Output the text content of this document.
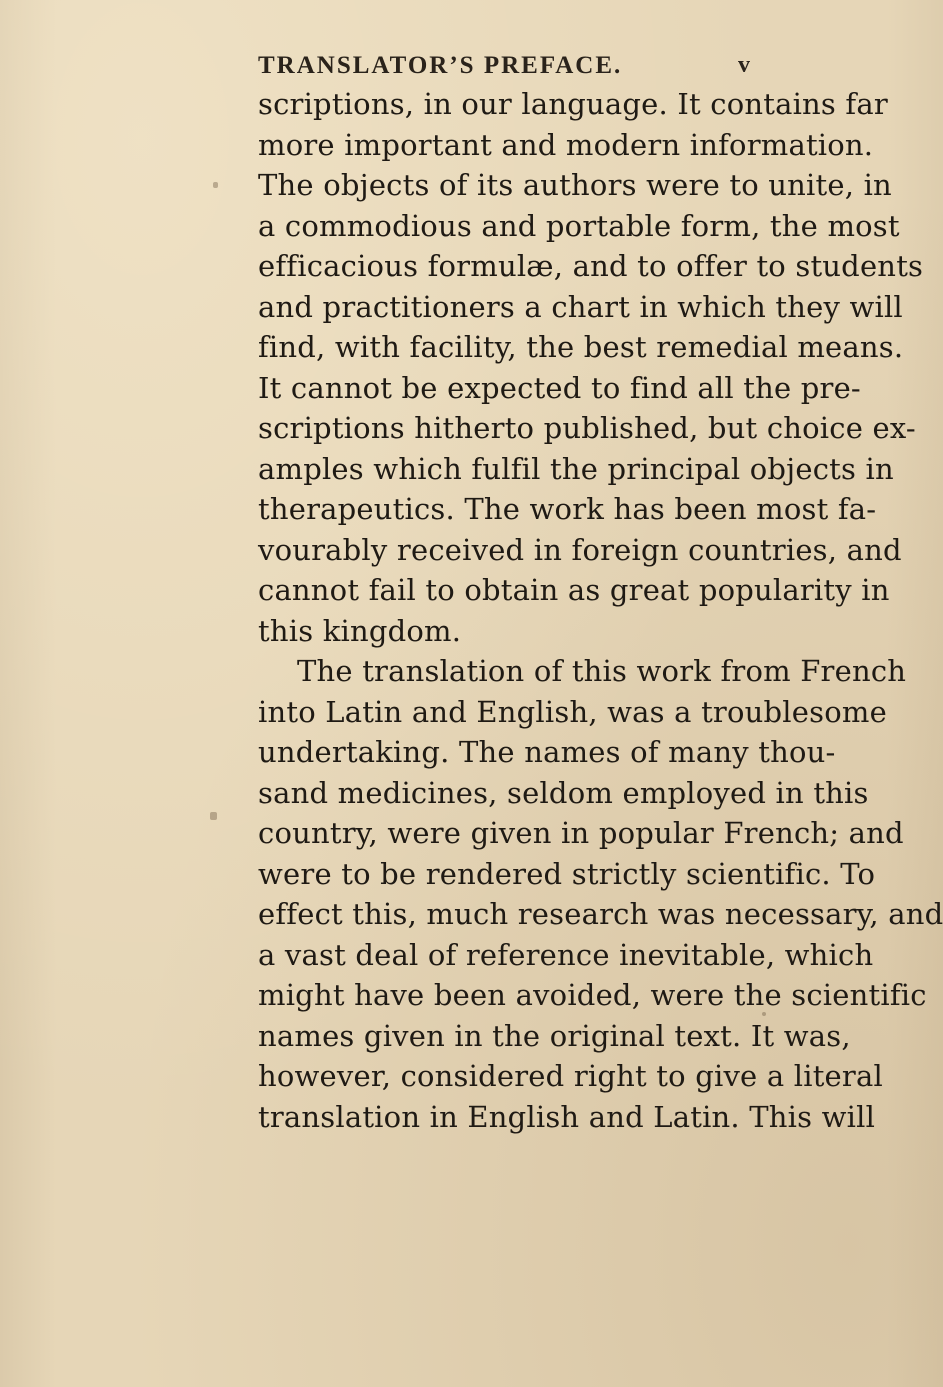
TRANSLATOR’S PREFACE.	v
scriptions, in our language. It contains far
more important and modern information.
The objects of its authors were to unite, in
a commodious and portable form, the most
efficacious formulæ, and to offer to students
and practitioners a chart in which they will
find, with facility, the best remedial means.
It cannot be expected to find all the pre-
scriptions hitherto published, but choice ex-
amples which fulfil the principal objects in
therapeutics. The work has been most fa-
vourably received in foreign countries, and
cannot fail to obtain as great popularity in
this kingdom.
The translation of this work from French
into Latin and English, was a troublesome
undertaking. The names of many thou-
sand medicines, seldom employed in this
country, were given in popular French; and
were to be rendered strictly scientific. To
effect this, much research was necessary, and
a vast deal of reference inevitable, which
might have been avoided, were the scientific
names given in the original text. It was,
however, considered right to give a literal
translation in English and Latin. This will
